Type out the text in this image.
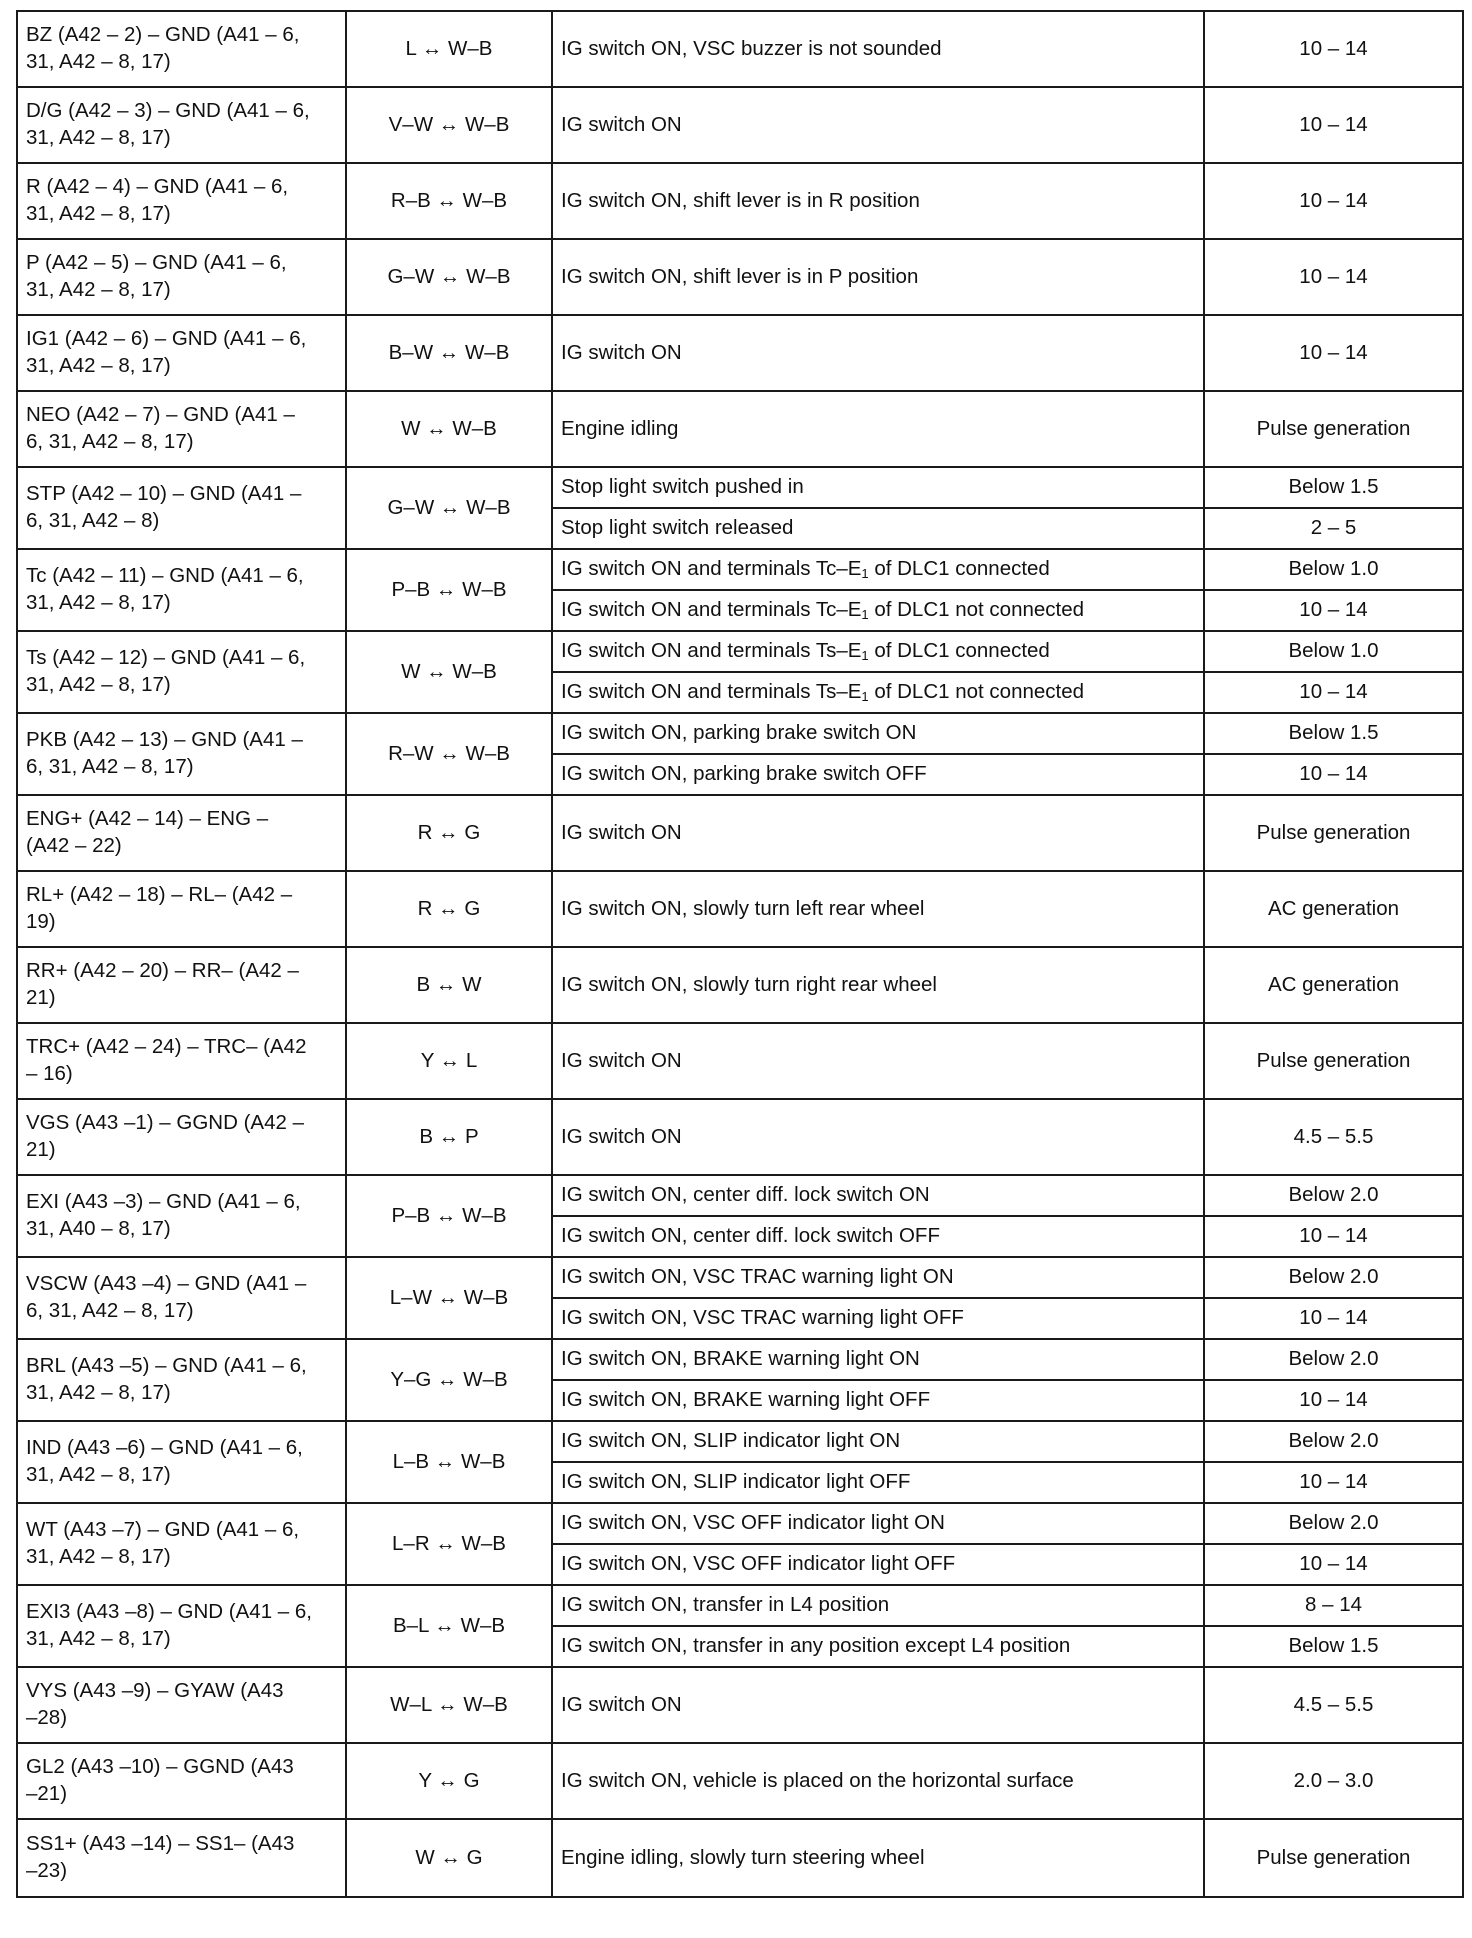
BZ (A42 – 2) – GND (A41 – 6,
31, A42 – 8, 17)	L ↔ W–B	IG switch ON, VSC buzzer is not sounded	10 – 14

D/G (A42 – 3) – GND (A41 – 6,
31, A42 – 8, 17)	V–W ↔ W–B	IG switch ON	10 – 14

R (A42 – 4) – GND (A41 – 6,
31, A42 – 8, 17)	R–B ↔ W–B	IG switch ON, shift lever is in R position	10 – 14

P (A42 – 5) – GND (A41 – 6,
31, A42 – 8, 17)	G–W ↔ W–B	IG switch ON, shift lever is in P position	10 – 14

IG1 (A42 – 6) – GND (A41 – 6,
31, A42 – 8, 17)	B–W ↔ W–B	IG switch ON	10 – 14

NEO (A42 – 7) – GND (A41 –
6, 31, A42 – 8, 17)	W ↔ W–B	Engine idling	Pulse generation

STP (A42 – 10) – GND (A41 –
6, 31, A42 – 8)	G–W ↔ W–B	Stop light switch pushed in	Below 1.5
		Stop light switch released	2 – 5

Tc (A42 – 11) – GND (A41 – 6,
31, A42 – 8, 17)	P–B ↔ W–B	IG switch ON and terminals $Tc-E_1$ of DLC1 connected	Below 1.0
		IG switch ON and terminals $Tc-E_1$ of DLC1 not connected	10 – 14

Ts (A42 – 12) – GND (A41 – 6,
31, A42 – 8, 17)	W ↔ W–B	IG switch ON and terminals $Ts-E_1$ of DLC1 connected	Below 1.0
		IG switch ON and terminals $Ts-E_1$ of DLC1 not connected	10 – 14

PKB (A42 – 13) – GND (A41 –
6, 31, A42 – 8, 17)	R–W ↔ W–B	IG switch ON, parking brake switch ON	Below 1.5
		IG switch ON, parking brake switch OFF	10 – 14

ENG+ (A42 – 14) – ENG –
(A42 – 22)	R ↔ G	IG switch ON	Pulse generation

RL+ (A42 – 18) – RL– (A42 –
19)	R ↔ G	IG switch ON, slowly turn left rear wheel	AC generation

RR+ (A42 – 20) – RR– (A42 –
21)	B ↔ W	IG switch ON, slowly turn right rear wheel	AC generation

TRC+ (A42 – 24) – TRC– (A42
– 16)	Y ↔ L	IG switch ON	Pulse generation

VGS (A43 –1) – GGND (A42 –
21)	B ↔ P	IG switch ON	4.5 – 5.5

EXI (A43 –3) – GND (A41 – 6,
31, A40 – 8, 17)	P–B ↔ W–B	IG switch ON, center diff. lock switch ON	Below 2.0
		IG switch ON, center diff. lock switch OFF	10 – 14

VSCW (A43 –4) – GND (A41 –
6, 31, A42 – 8, 17)	L–W ↔ W–B	IG switch ON, VSC TRAC warning light ON	Below 2.0
		IG switch ON, VSC TRAC warning light OFF	10 – 14

BRL (A43 –5) – GND (A41 – 6,
31, A42 – 8, 17)	Y–G ↔ W–B	IG switch ON, BRAKE warning light ON	Below 2.0
		IG switch ON, BRAKE warning light OFF	10 – 14

IND (A43 –6) – GND (A41 – 6,
31, A42 – 8, 17)	L–B ↔ W–B	IG switch ON, SLIP indicator light ON	Below 2.0
		IG switch ON, SLIP indicator light OFF	10 – 14

WT (A43 –7) – GND (A41 – 6,
31, A42 – 8, 17)	L–R ↔ W–B	IG switch ON, VSC OFF indicator light ON	Below 2.0
		IG switch ON, VSC OFF indicator light OFF	10 – 14

EXI3 (A43 –8) – GND (A41 – 6,
31, A42 – 8, 17)	B–L ↔ W–B	IG switch ON, transfer in L4 position	8 – 14
		IG switch ON, transfer in any position except L4 position	Below 1.5

VYS (A43 –9) – GYAW (A43
–28)	W–L ↔ W–B	IG switch ON	4.5 – 5.5

GL2 (A43 –10) – GGND (A43
–21)	Y ↔ G	IG switch ON, vehicle is placed on the horizontal surface	2.0 – 3.0

SS1+ (A43 –14) – SS1– (A43
–23)	W ↔ G	Engine idling, slowly turn steering wheel	Pulse generation
